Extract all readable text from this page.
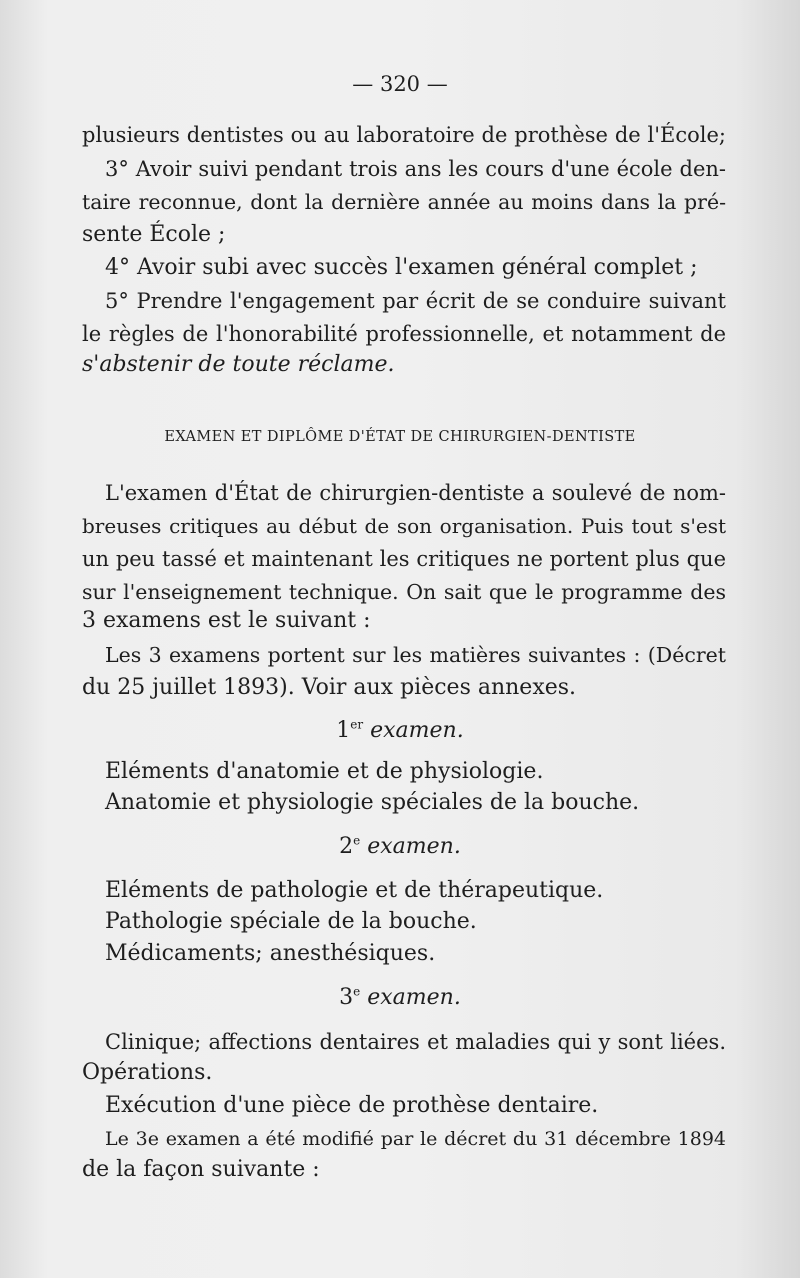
— 320 —
plusieurs dentistes ou au laboratoire de prothèse de l'École;
3° Avoir suivi pendant trois ans les cours d'une école den-
taire reconnue, dont la dernière année au moins dans la pré-
sente École ;
4° Avoir subi avec succès l'examen général complet ;
5° Prendre l'engagement par écrit de se conduire suivant
le règles de l'honorabilité professionnelle, et notamment de
s'abstenir de toute réclame.
EXAMEN ET DIPLÔME D'ÉTAT DE CHIRURGIEN-DENTISTE
L'examen d'État de chirurgien-dentiste a soulevé de nom-
breuses critiques au début de son organisation. Puis tout s'est
un peu tassé et maintenant les critiques ne portent plus que
sur l'enseignement technique. On sait que le programme des
3 examens est le suivant :
Les 3 examens portent sur les matières suivantes : (Décret
du 25 juillet 1893). Voir aux pièces annexes.
1er examen.
Eléments d'anatomie et de physiologie.
Anatomie et physiologie spéciales de la bouche.
2e examen.
Eléments de pathologie et de thérapeutique.
Pathologie spéciale de la bouche.
Médicaments; anesthésiques.
3e examen.
Clinique; affections dentaires et maladies qui y sont liées.
Opérations.
Exécution d'une pièce de prothèse dentaire.
Le 3e examen a été modifié par le décret du 31 décembre 1894
de la façon suivante :
